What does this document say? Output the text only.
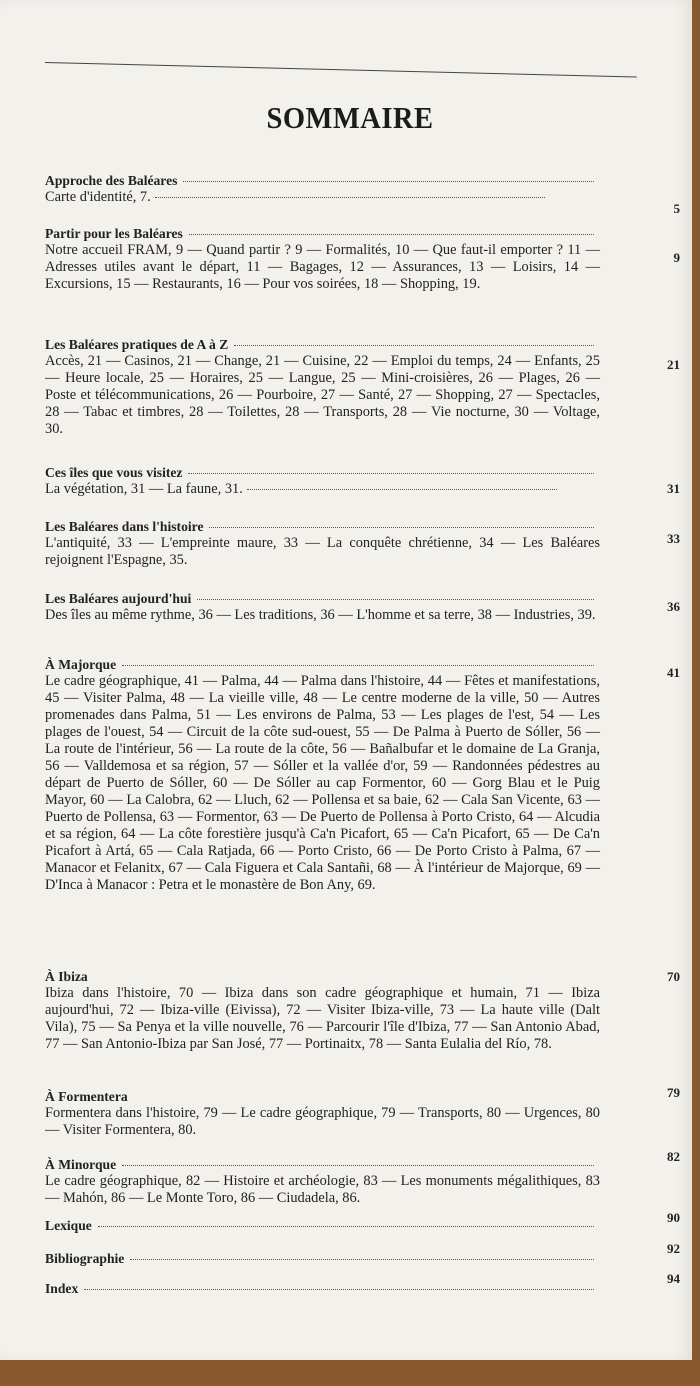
SOMMAIRE
Approche des Baléares
Carte d'identité, 7.
5
Partir pour les Baléares
Notre accueil FRAM, 9 — Quand partir ? 9 — Formalités, 10 — Que faut-il emporter ? 11 — Adresses utiles avant le départ, 11 — Bagages, 12 — Assurances, 13 — Loisirs, 14 — Excursions, 15 — Restaurants, 16 — Pour vos soirées, 18 — Shopping, 19.
9
Les Baléares pratiques de A à Z
Accès, 21 — Casinos, 21 — Change, 21 — Cuisine, 22 — Emploi du temps, 24 — Enfants, 25 — Heure locale, 25 — Horaires, 25 — Langue, 25 — Mini-croisières, 26 — Plages, 26 — Poste et télécommunications, 26 — Pourboire, 27 — Santé, 27 — Shopping, 27 — Spectacles, 28 — Tabac et timbres, 28 — Toilettes, 28 — Transports, 28 — Vie nocturne, 30 — Voltage, 30.
21
Ces îles que vous visitez
La végétation, 31 — La faune, 31.	31
Les Baléares dans l'histoire
L'antiquité, 33 — L'empreinte maure, 33 — La conquête chrétienne, 34 — Les Baléares rejoignent l'Espagne, 35.
33
Les Baléares aujourd'hui
Des îles au même rythme, 36 — Les traditions, 36 — L'homme et sa terre, 38 — Industries, 39.
36
À Majorque
Le cadre géographique, 41 — Palma, 44 — Palma dans l'histoire, 44 — Fêtes et manifestations, 45 — Visiter Palma, 48 — La vieille ville, 48 — Le centre moderne de la ville, 50 — Autres promenades dans Palma, 51 — Les environs de Palma, 53 — Les plages de l'est, 54 — Les plages de l'ouest, 54 — Circuit de la côte sud-ouest, 55 — De Palma à Puerto de Sóller, 56 — La route de l'intérieur, 56 — La route de la côte, 56 — Bañalbufar et le domaine de La Granja, 56 — Valldemosa et sa région, 57 — Sóller et la vallée d'or, 59 — Randonnées pédestres au départ de Puerto de Sóller, 60 — De Sóller au cap Formentor, 60 — Gorg Blau et le Puig Mayor, 60 — La Calobra, 62 — Lluch, 62 — Pollensa et sa baie, 62 — Cala San Vicente, 63 — Puerto de Pollensa, 63 — Formentor, 63 — De Puerto de Pollensa à Porto Cristo, 64 — Alcudia et sa région, 64 — La côte forestière jusqu'à Ca'n Picafort, 65 — Ca'n Picafort, 65 — De Ca'n Picafort à Artá, 65 — Cala Ratjada, 66 — Porto Cristo, 66 — De Porto Cristo à Palma, 67 — Manacor et Felanitx, 67 — Cala Figuera et Cala Santañi, 68 — À l'intérieur de Majorque, 69 — D'Inca à Manacor : Petra et le monastère de Bon Any, 69.
41
À Ibiza
Ibiza dans l'histoire, 70 — Ibiza dans son cadre géographique et humain, 71 — Ibiza aujourd'hui, 72 — Ibiza-ville (Eivissa), 72 — Visiter Ibiza-ville, 73 — La haute ville (Dalt Vila), 75 — Sa Penya et la ville nouvelle, 76 — Parcourir l'île d'Ibiza, 77 — San Antonio Abad, 77 — San Antonio-Ibiza par San José, 77 — Portinaitx, 78 — Santa Eulalia del Río, 78.
70
À Formentera
Formentera dans l'histoire, 79 — Le cadre géographique, 79 — Transports, 80 — Urgences, 80 — Visiter Formentera, 80.
79
À Minorque
Le cadre géographique, 82 — Histoire et archéologie, 83 — Les monuments mégalithiques, 83 — Mahón, 86 — Le Monte Toro, 86 — Ciudadela, 86.
82
Lexique
90
Bibliographie
92
Index
94
